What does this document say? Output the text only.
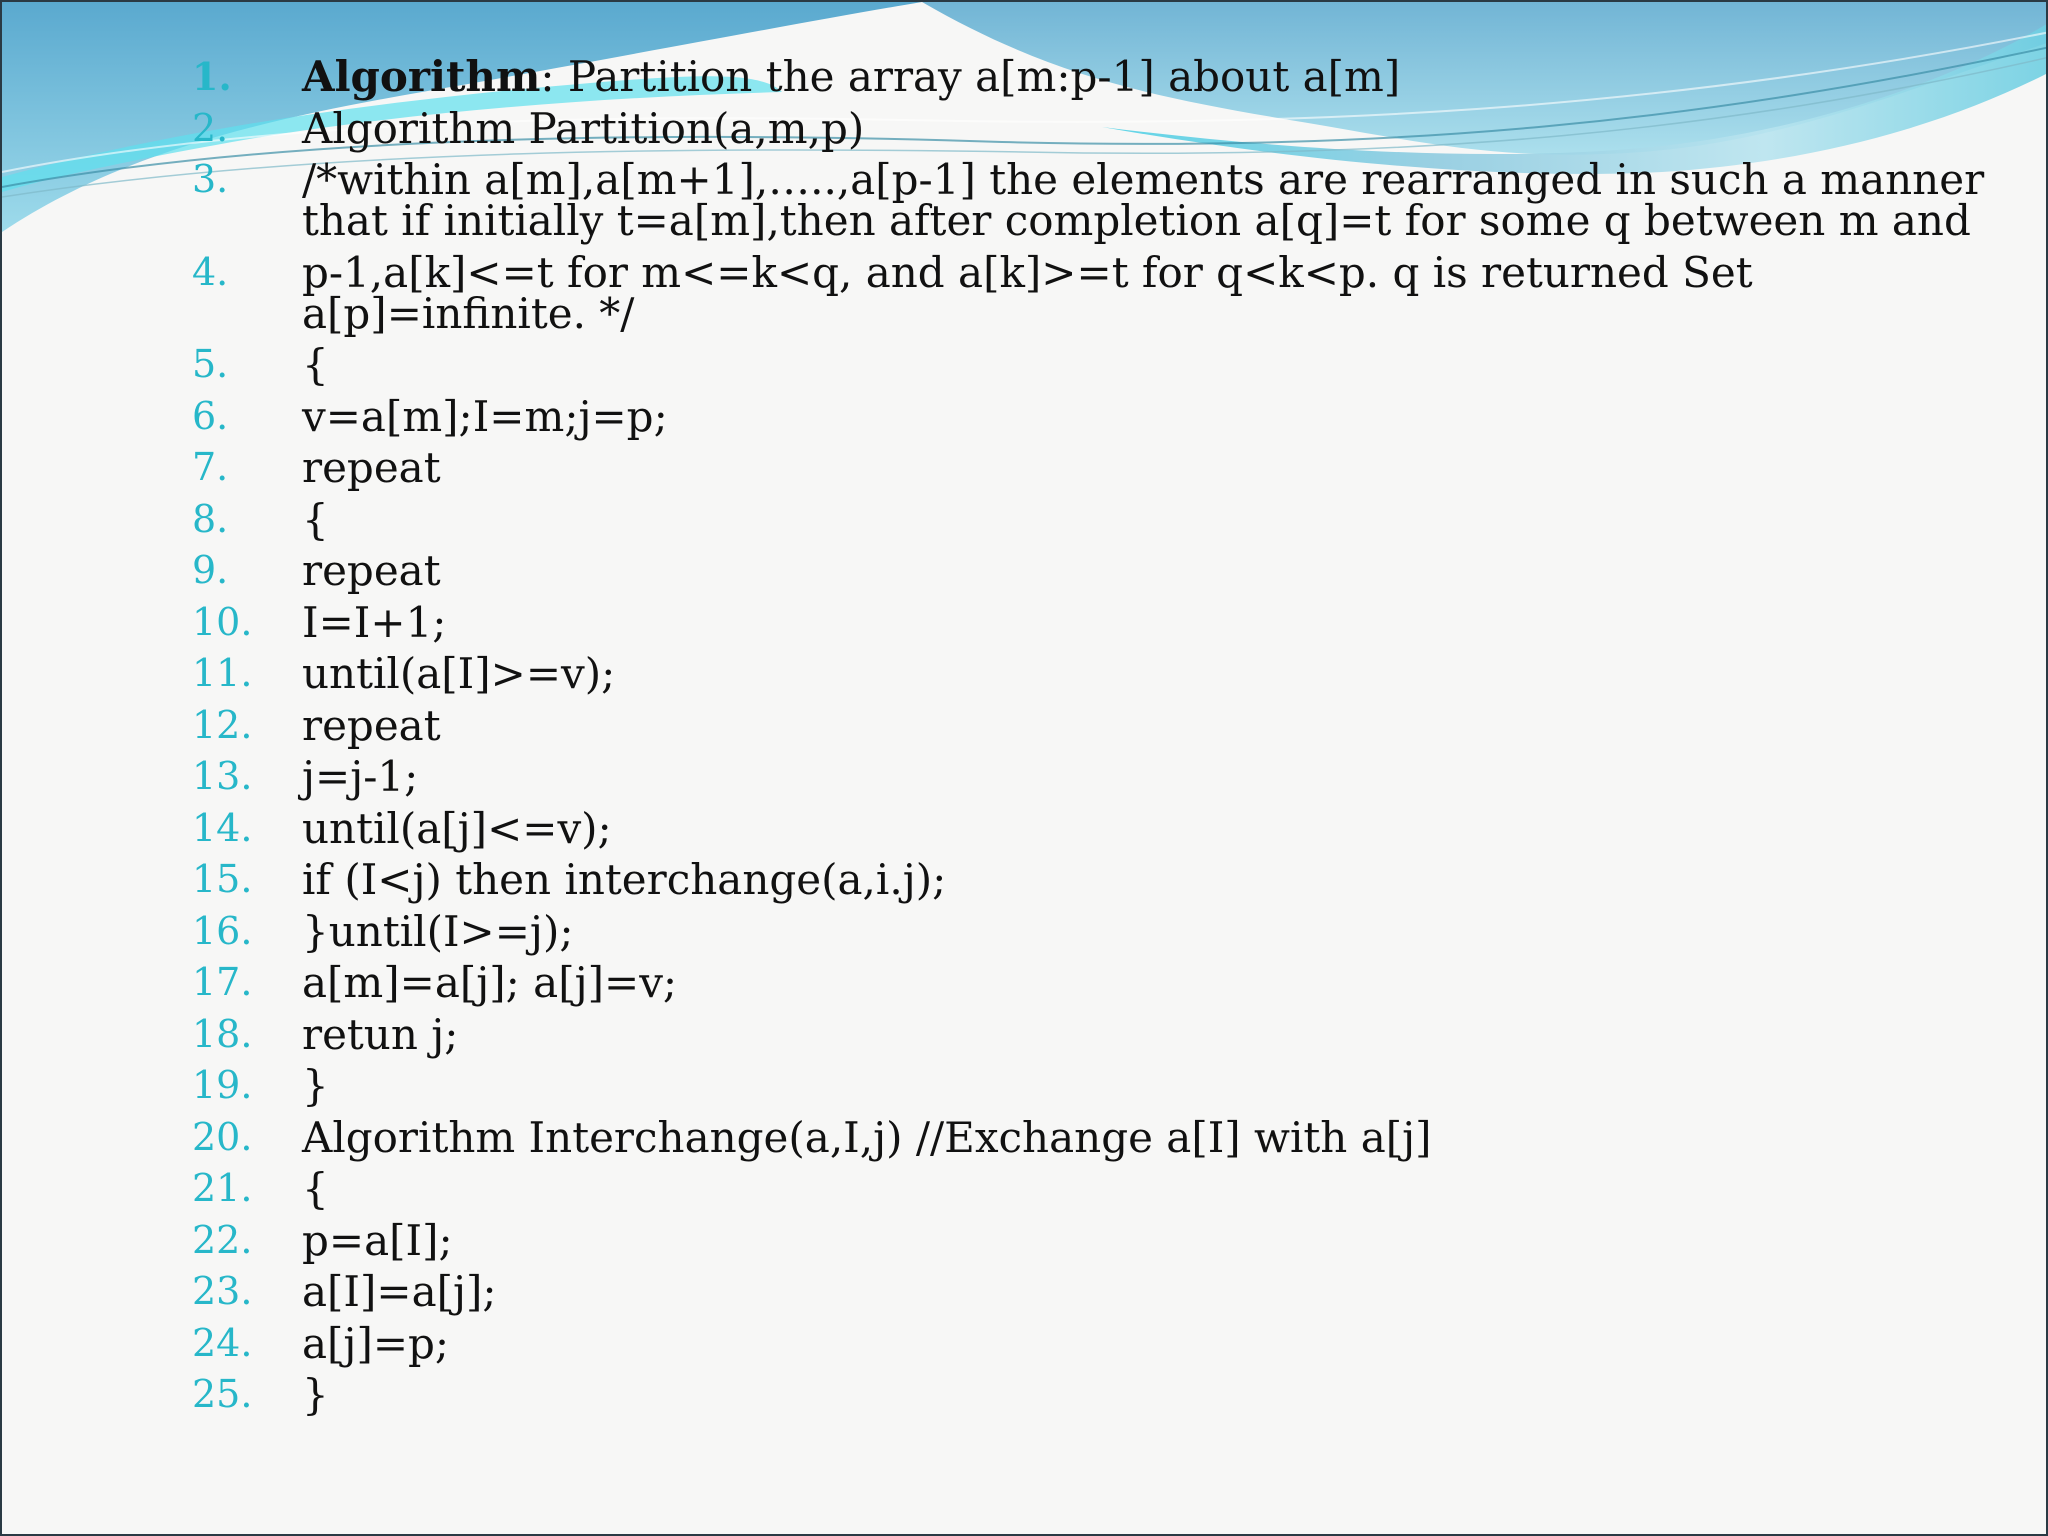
1.	Algorithm: Partition the array a[m:p-1] about a[m]
2.	Algorithm Partition(a,m,p)
3.	/*within a[m],a[m+1],…..,a[p-1] the elements are rearranged in such a manner that if initially t=a[m],then after completion a[q]=t for some q between m and
4.	p-1,a[k]<=t for m<=k<q, and a[k]>=t for q<k<p. q is returned Set a[p]=infinite. */
5.	{
6.	v=a[m];I=m;j=p;
7.	repeat
8.	{
9.	repeat
10.	I=I+1;
11.	until(a[I]>=v);
12.	repeat
13.	j=j-1;
14.	until(a[j]<=v);
15.	if (I<j) then interchange(a,i.j);
16.	}until(I>=j);
17.	a[m]=a[j]; a[j]=v;
18.	retun j;
19.	}
20.	Algorithm Interchange(a,I,j) //Exchange a[I] with a[j]
21.	{
22.	p=a[I];
23.	a[I]=a[j];
24.	a[j]=p;
25.	}
